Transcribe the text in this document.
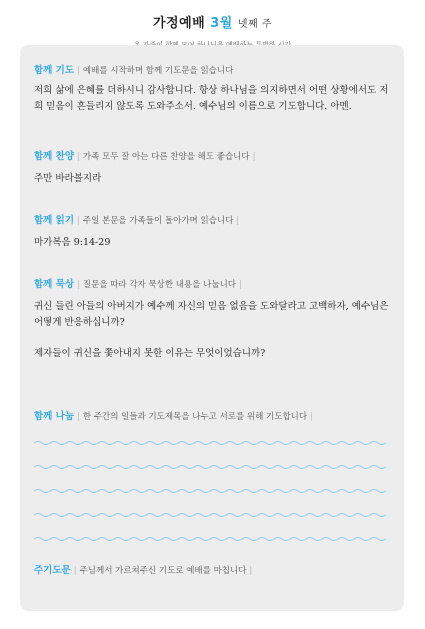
가정예배 3월 넷째 주
함께 기도 | 예배를 시작하며 함께 기도문을 읽습니다
저희 삶에 은혜를 더하시니 감사합니다. 항상 하나님을 의지하면서 어떤 상황에서도 저희 믿음이 흔들리지 않도록 도와주소서. 예수님의 이름으로 기도합니다. 아멘.
함께 찬양 | 가족 모두 잘 아는 다른 찬양을 해도 좋습니다 |
주만 바라볼지라
함께 읽기 | 주일 본문을 가족들이 돌아가며 읽습니다 |
마가복음 9:14-29
함께 묵상 | 질문을 따라 각자 묵상한 내용을 나눕니다 |
귀신 들린 아들의 아버지가 예수께 자신의 믿음 없음을 도와달라고 고백하자, 예수님은 어떻게 반응하십니까?
제자들이 귀신을 쫓아내지 못한 이유는 무엇이었습니까?
함께 나눔 | 한 주간의 일들과 기도제목을 나누고 서로를 위해 기도합니다 |
주기도문 | 주님께서 가르쳐주신 기도로 예배를 마칩니다 |
